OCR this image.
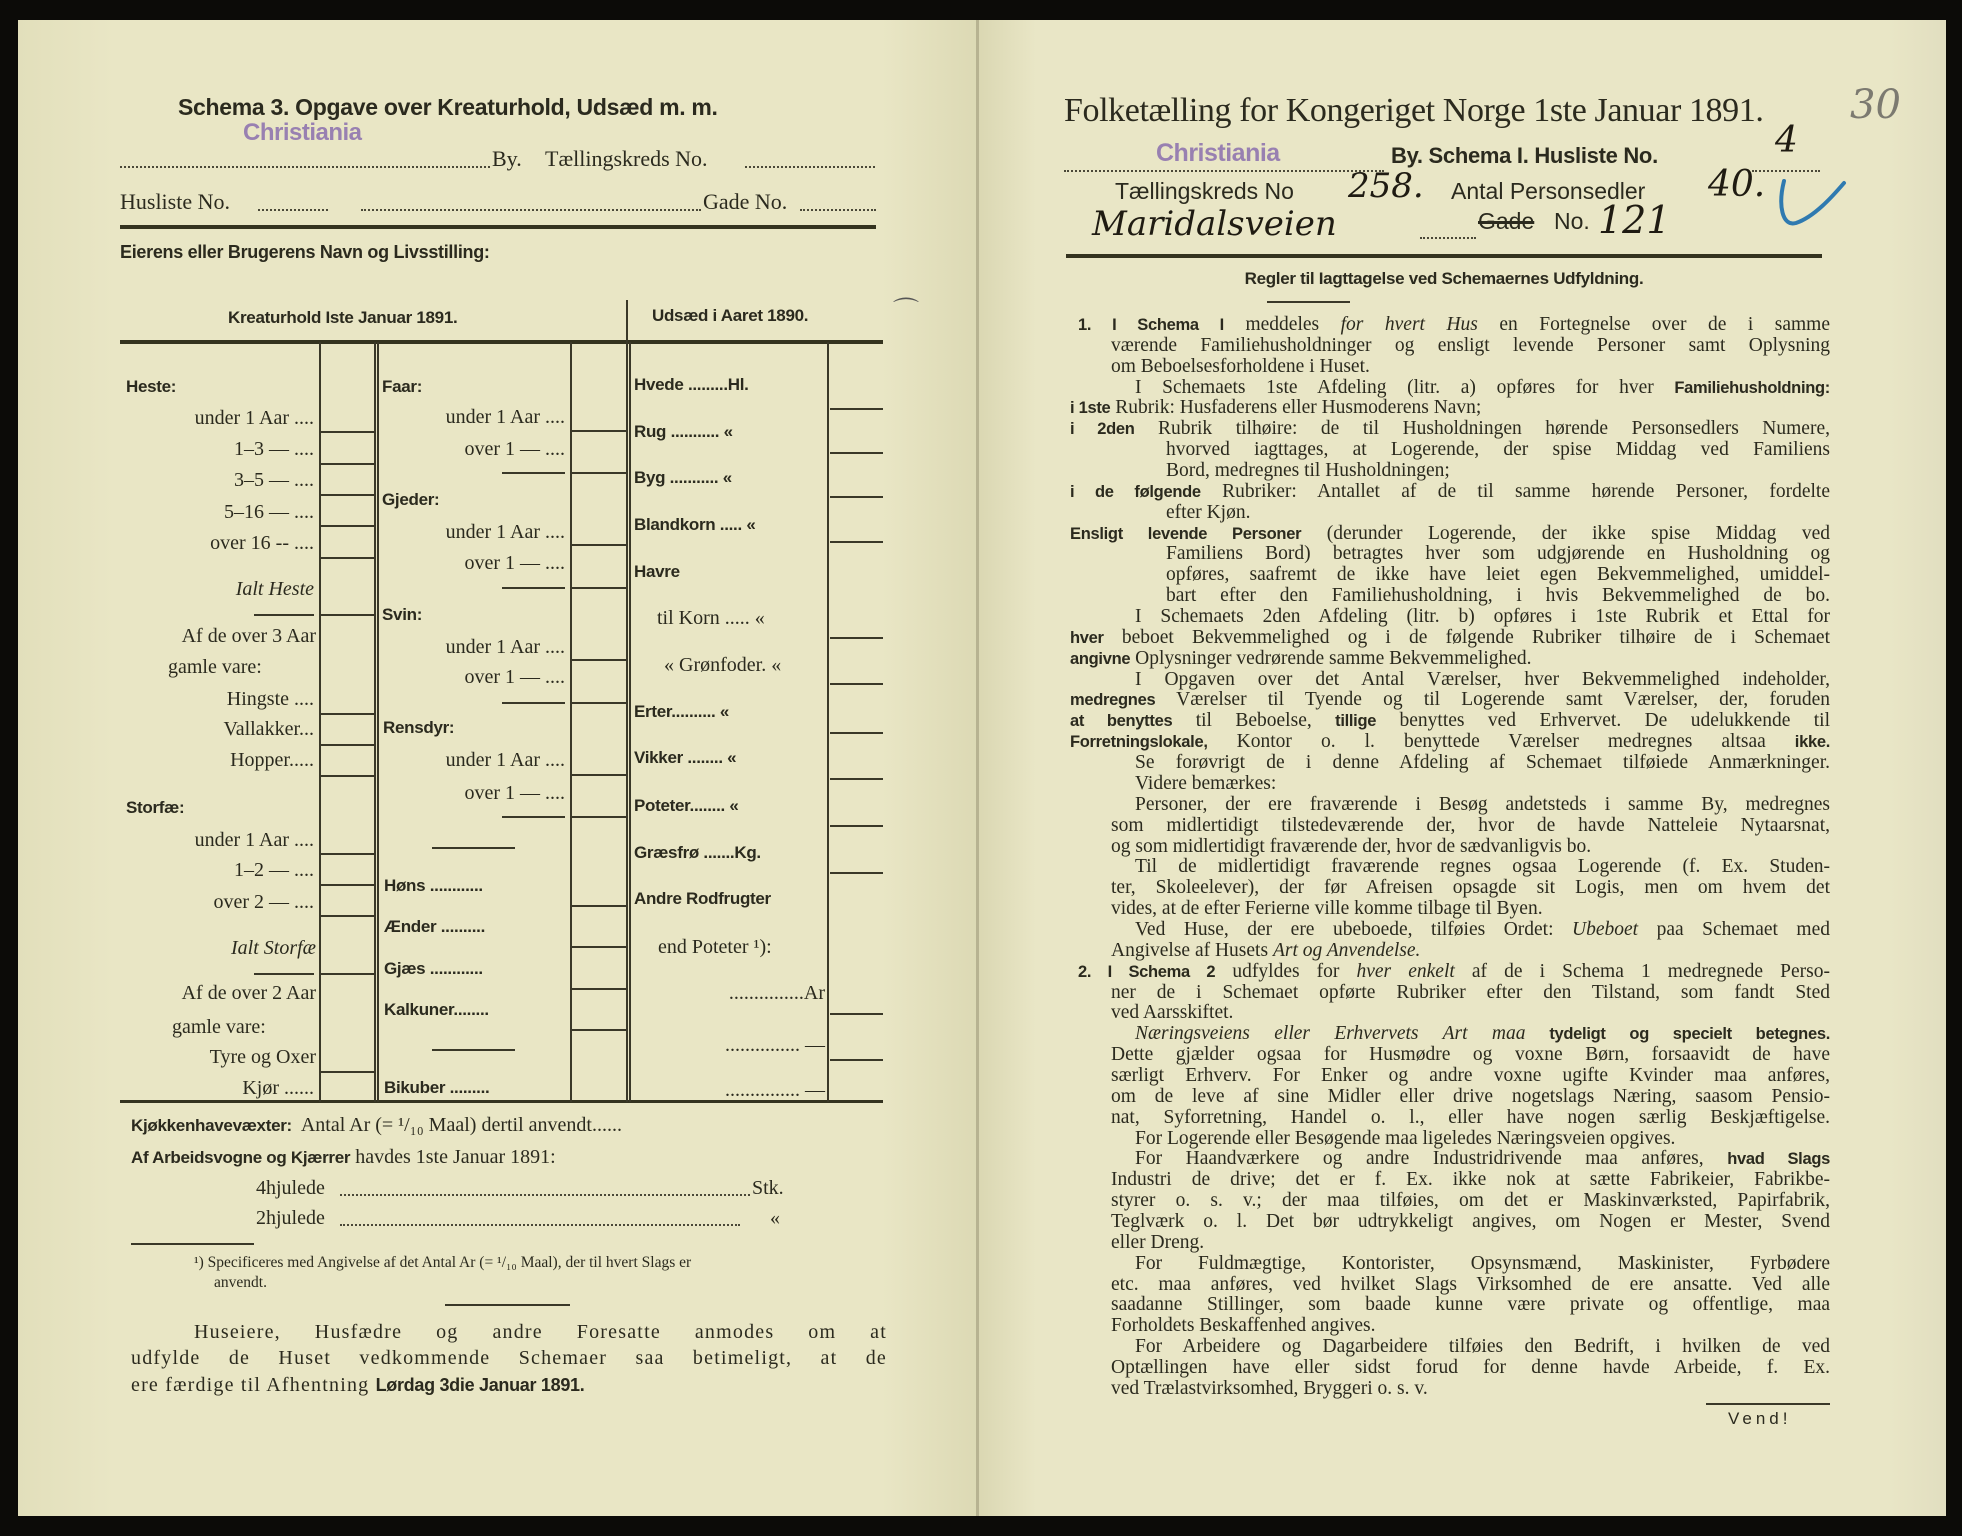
Schema 3. Opgave over Kreaturhold, Udsæd m. m.
Christiania
By. Tællingskreds No.
Husliste No.	Gade No.
Eierens eller Brugerens Navn og Livsstilling:
Kreaturhold Iste Januar 1891.	Udsæd i Aaret 1890.	⌒
Heste:
under 1 Aar ....
1–3 — ....
3–5 — ....
5–16 — ....
over 16 -- ....
Ialt Heste
Af de over 3 Aar
gamle vare:
Hingste ....
Vallakker...
Hopper.....
Storfæ:
under 1 Aar ....
1–2 — ....
over 2 — ....
Ialt Storfæ
Af de over 2 Aar
gamle vare:
Tyre og Oxer
Kjør ......
Faar:
under 1 Aar ....
over 1 — ....
Gjeder:
under 1 Aar ....
over 1 — ....
Svin:
under 1 Aar ....
over 1 — ....
Rensdyr:
under 1 Aar ....
over 1 — ....
Høns ............
Ænder ..........
Gjæs ............
Kalkuner........
Bikuber .........
Hvede .........Hl.
Rug ........... «
Byg ........... «
Blandkorn ..... «
Havre
til Korn ..... «
« Grønfoder. «
Erter.......... «
Vikker ........ «
Poteter........ «
Græsfrø .......Kg.
Andre Rodfrugter
end Poteter ¹):
...............Ar
............... —
............... —
Kjøkkenhavevæxter: Antal Ar (= ¹/₁₀ Maal) dertil anvendt......
Af Arbeidsvogne og Kjærrer havdes 1ste Januar 1891:
4hjulede	Stk.
2hjulede	«
¹) Specificeres med Angivelse af det Antal Ar (= ¹/₁₀ Maal), der til hvert Slags er
anvendt.
Huseiere, Husfædre og andre Foresatte anmodes om at
udfylde de Huset vedkommende Schemaer saa betimeligt, at de
ere færdige til Afhentning Lørdag 3die Januar 1891.
Folketælling for Kongeriget Norge 1ste Januar 1891. 30
Christiania	By. Schema I. Husliste No.	4
Tællingskreds No 258. Antal Personsedler 40.
Maridalsveien	Gade No. 121
Regler til Iagttagelse ved Schemaernes Udfyldning.
1. I Schema I meddeles for hvert Hus en Fortegnelse over de i samme
værende Familiehusholdninger og ensligt levende Personer samt Oplysning
om Beboelsesforholdene i Huset.
I Schemaets 1ste Afdeling (litr. a) opføres for hver Familiehusholdning:
i 1ste Rubrik: Husfaderens eller Husmoderens Navn;
i 2den Rubrik tilhøire: de til Husholdningen hørende Personsedlers Numere,
hvorved iagttages, at Logerende, der spise Middag ved Familiens
Bord, medregnes til Husholdningen;
i de følgende Rubriker: Antallet af de til samme hørende Personer, fordelte
efter Kjøn.
Ensligt levende Personer (derunder Logerende, der ikke spise Middag ved
Familiens Bord) betragtes hver som udgjørende en Husholdning og
opføres, saafremt de ikke have leiet egen Bekvemmelighed, umiddel-
bart efter den Familiehusholdning, i hvis Bekvemmelighed de bo.
I Schemaets 2den Afdeling (litr. b) opføres i 1ste Rubrik et Ettal for
hver beboet Bekvemmelighed og i de følgende Rubriker tilhøire de i Schemaet
angivne Oplysninger vedrørende samme Bekvemmelighed.
I Opgaven over det Antal Værelser, hver Bekvemmelighed indeholder,
medregnes Værelser til Tyende og til Logerende samt Værelser, der, foruden
at benyttes til Beboelse, tillige benyttes ved Erhvervet. De udelukkende til
Forretningslokale, Kontor o. l. benyttede Værelser medregnes altsaa ikke.
Se forøvrigt de i denne Afdeling af Schemaet tilføiede Anmærkninger.
Videre bemærkes:
Personer, der ere fraværende i Besøg andetsteds i samme By, medregnes
som midlertidigt tilstedeværende der, hvor de havde Natteleie Nytaarsnat,
og som midlertidigt fraværende der, hvor de sædvanligvis bo.
Til de midlertidigt fraværende regnes ogsaa Logerende (f. Ex. Studen-
ter, Skoleelever), der før Afreisen opsagde sit Logis, men om hvem det
vides, at de efter Ferierne ville komme tilbage til Byen.
Ved Huse, der ere ubeboede, tilføies Ordet: Ubeboet paa Schemaet med
Angivelse af Husets Art og Anvendelse.
2. I Schema 2 udfyldes for hver enkelt af de i Schema 1 medregnede Perso-
ner de i Schemaet opførte Rubriker efter den Tilstand, som fandt Sted
ved Aarsskiftet.
Næringsveiens eller Erhvervets Art maa tydeligt og specielt betegnes.
Dette gjælder ogsaa for Husmødre og voxne Børn, forsaavidt de have
særligt Erhverv. For Enker og andre voxne ugifte Kvinder maa anføres,
om de leve af sine Midler eller drive nogetslags Næring, saasom Pensio-
nat, Syforretning, Handel o. l., eller have nogen særlig Beskjæftigelse.
For Logerende eller Besøgende maa ligeledes Næringsveien opgives.
For Haandværkere og andre Industridrivende maa anføres, hvad Slags
Industri de drive; det er f. Ex. ikke nok at sætte Fabrikeier, Fabrikbe-
styrer o. s. v.; der maa tilføies, om det er Maskinværksted, Papirfabrik,
Teglværk o. l. Det bør udtrykkeligt angives, om Nogen er Mester, Svend
eller Dreng.
For Fuldmægtige, Kontorister, Opsynsmænd, Maskinister, Fyrbødere
etc. maa anføres, ved hvilket Slags Virksomhed de ere ansatte. Ved alle
saadanne Stillinger, som baade kunne være private og offentlige, maa
Forholdets Beskaffenhed angives.
For Arbeidere og Dagarbeidere tilføies den Bedrift, i hvilken de ved
Optællingen have eller sidst forud for denne havde Arbeide, f. Ex.
ved Trælastvirksomhed, Bryggeri o. s. v.
Vend!
